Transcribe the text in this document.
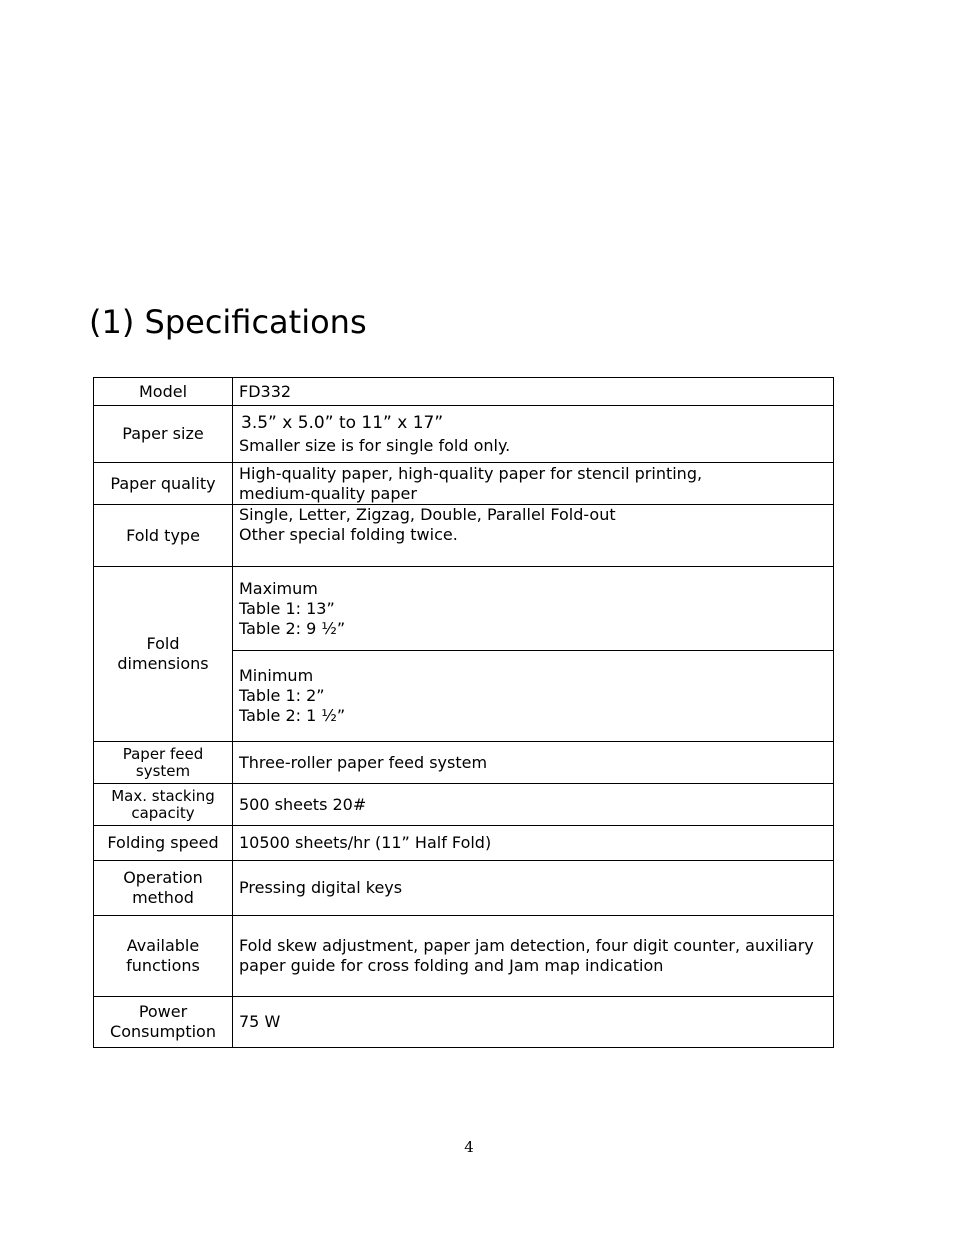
(1) Specifications
Model	FD332
Paper size	3.5” x 5.0” to 11” x 17”
Smaller size is for single fold only.

Paper quality	High-quality paper, high-quality paper for stencil printing,
medium-quality paper

Fold type	Single, Letter, Zigzag, Double, Parallel Fold-out
Other special folding twice.

Fold
dimensions	Maximum
Table 1: 13”
Table 2: 9 ½”

	Minimum
Table 1: 2”
Table 2: 1 ½”

Paper feed
system	Three-roller paper feed system

Max. stacking
capacity	500 sheets 20#
Folding speed	10500 sheets/hr (11” Half Fold)

Operation
method	Pressing digital keys

Available
functions	Fold skew adjustment, paper jam detection, four digit counter, auxiliary
paper guide for cross folding and Jam map indication

Power
Consumption	75 W
4
